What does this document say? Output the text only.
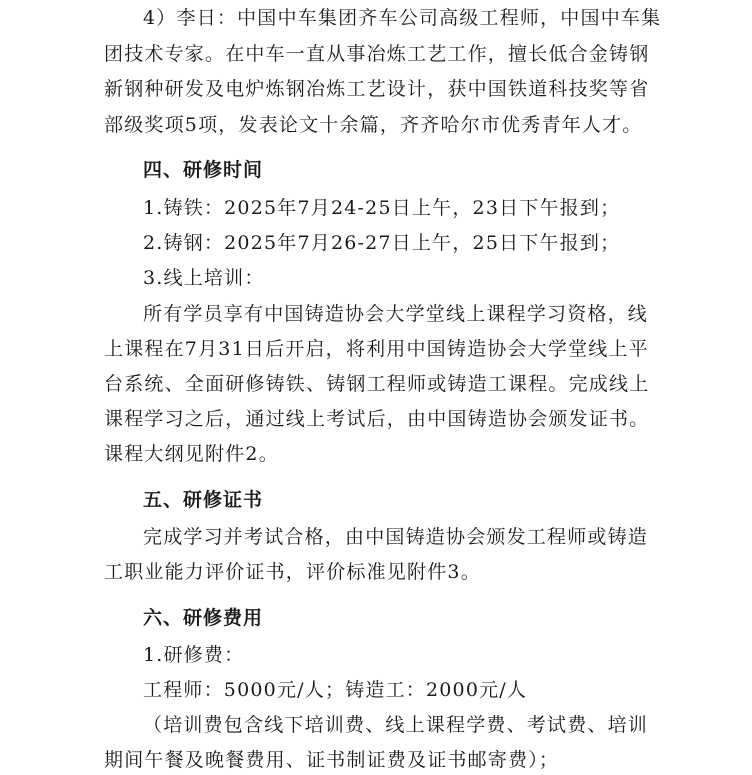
4）李日：中国中车集团齐车公司高级工程师，中国中车集
团技术专家。在中车一直从事冶炼工艺工作，擅长低合金铸钢
新钢种研发及电炉炼钢冶炼工艺设计，获中国铁道科技奖等省
部级奖项5项，发表论文十余篇，齐齐哈尔市优秀青年人才。
四、研修时间
1.铸铁：2025年7月24-25日上午，23日下午报到；
2.铸钢：2025年7月26-27日上午，25日下午报到；
3.线上培训：
所有学员享有中国铸造协会大学堂线上课程学习资格，线
上课程在7月31日后开启，将利用中国铸造协会大学堂线上平
台系统、全面研修铸铁、铸钢工程师或铸造工课程。完成线上
课程学习之后，通过线上考试后，由中国铸造协会颁发证书。
课程大纲见附件2。
五、研修证书
完成学习并考试合格，由中国铸造协会颁发工程师或铸造
工职业能力评价证书，评价标准见附件3。
六、研修费用
1.研修费：
工程师：5000元/人；铸造工：2000元/人
（培训费包含线下培训费、线上课程学费、考试费、培训
期间午餐及晚餐费用、证书制证费及证书邮寄费）；
